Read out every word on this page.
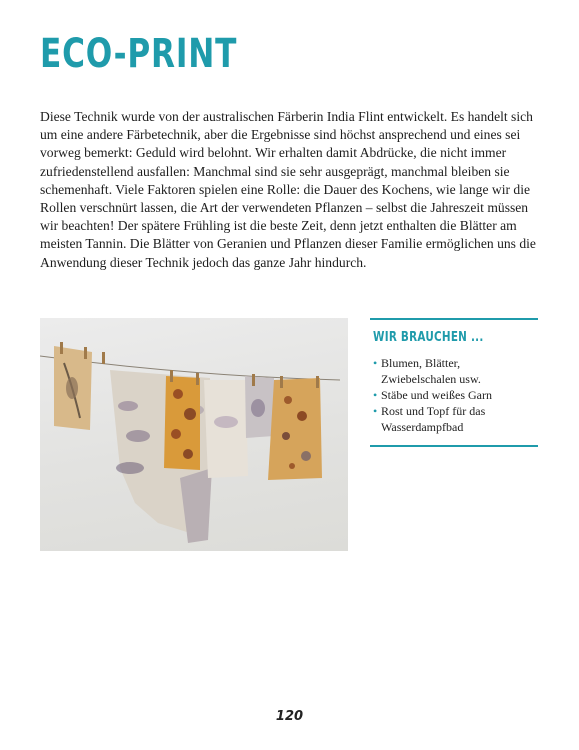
ECO-PRINT

Diese Technik wurde von der australischen Färberin India Flint entwickelt. Es handelt sich um eine andere Färbetechnik, aber die Ergebnisse sind höchst ansprechend und eines sei vorweg bemerkt: Geduld wird belohnt. Wir erhalten damit Abdrücke, die nicht immer zufriedenstellend ausfallen: Manchmal sind sie sehr ausgeprägt, manchmal bleiben sie schemenhaft. Viele Faktoren spielen eine Rolle: die Dauer des Kochens, wie lange wir die Rollen verschnürt lassen, die Art der verwendeten Pflanzen – selbst die Jahreszeit müssen wir beachten! Der spätere Frühling ist die beste Zeit, denn jetzt enthalten die Blätter am meisten Tannin. Die Blätter von Geranien und Pflanzen dieser Familie ermöglichen uns die Anwendung dieser Technik jedoch das ganze Jahr hindurch.

WIR BRAUCHEN ...
• Blumen, Blätter, Zwiebelschalen usw.
• Stäbe und weißes Garn
• Rost und Topf für das Wasserdampfbad
120
